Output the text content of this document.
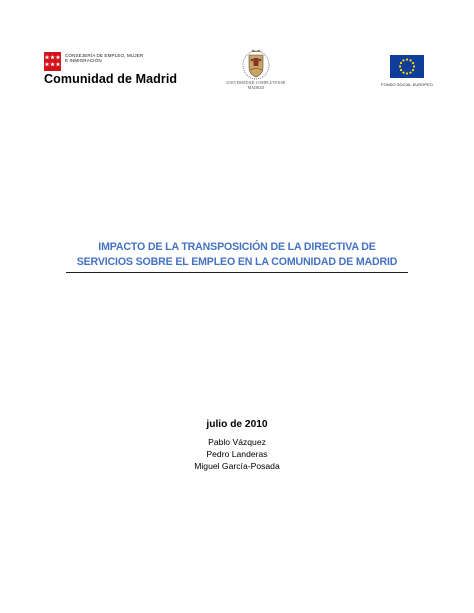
CONSEJERÍA DE EMPLEO, MUJER
E INMIGRACIÓN
Comunidad de Madrid	UNIVERSIDAD COMPLUTENSE
MADRID
FONDO SOCIAL EUROPEO
IMPACTO DE LA TRANSPOSICIÓN DE LA DIRECTIVA DE
SERVICIOS SOBRE EL EMPLEO EN LA COMUNIDAD DE MADRID
julio de 2010
Pablo Vázquez
Pedro Landeras
Miguel García-Posada
